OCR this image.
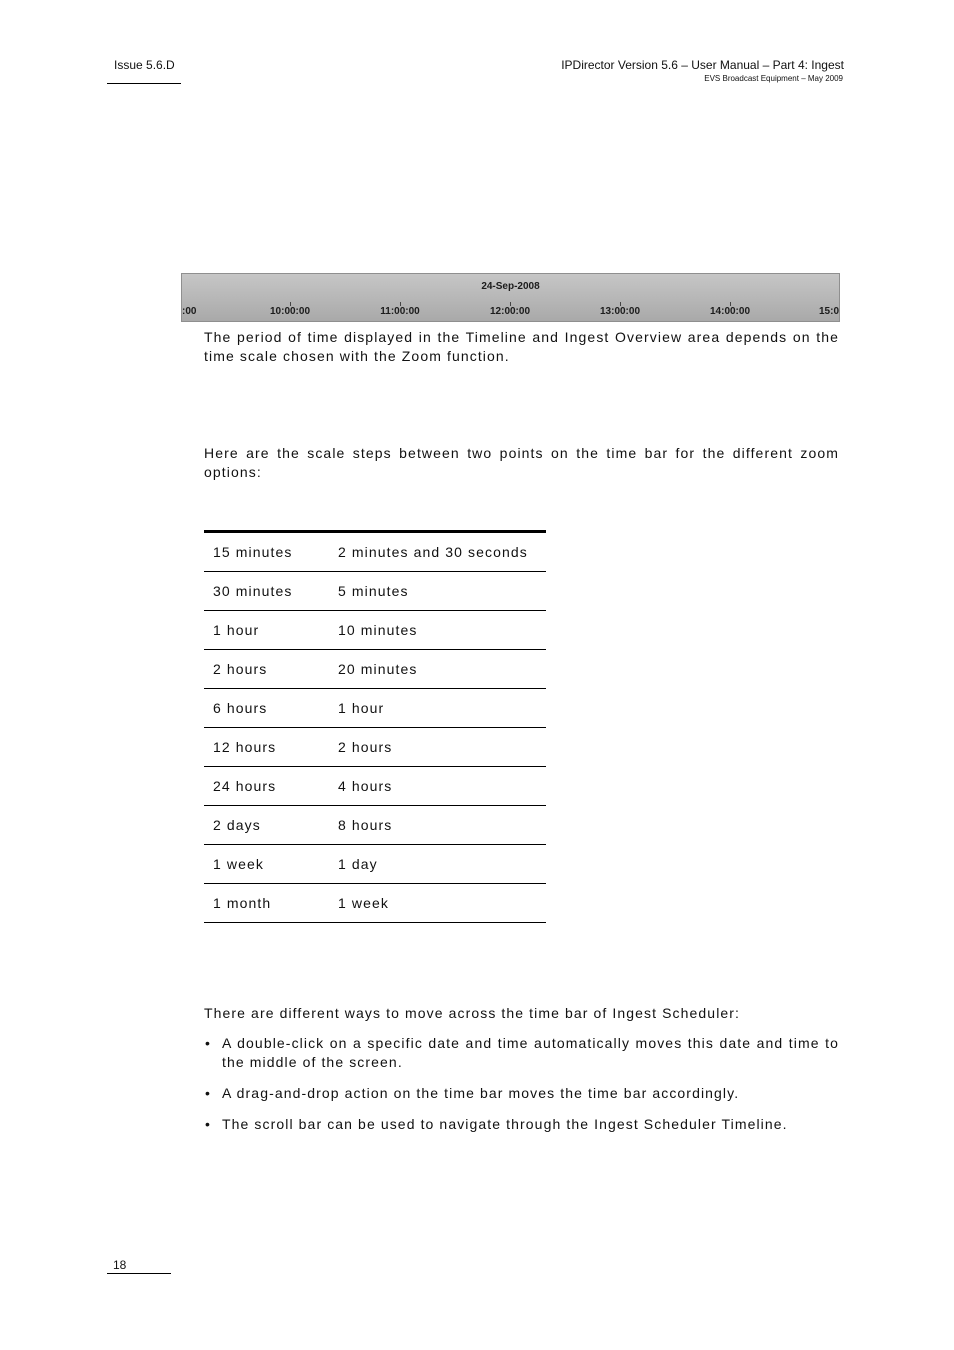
Issue 5.6.D	IPDirector Version 5.6 – User Manual – Part 4: Ingest
EVS Broadcast Equipment – May 2009
24-Sep-2008
:00	10:00:00	11:00:00	12:00:00	13:00:00	14:00:00	15:0

The period of time displayed in the Timeline and Ingest Overview area depends on the time scale chosen with the Zoom function.

Here are the scale steps between two points on the time bar for the different zoom options:

15 minutes	2 minutes and 30 seconds
30 minutes	5 minutes
1 hour	10 minutes
2 hours	20 minutes
6 hours	1 hour
12 hours	2 hours
24 hours	4 hours
2 days	8 hours
1 week	1 day
1 month	1 week

There are different ways to move across the time bar of Ingest Scheduler:

• A double-click on a specific date and time automatically moves this date and time to the middle of the screen.
• A drag-and-drop action on the time bar moves the time bar accordingly.
• The scroll bar can be used to navigate through the Ingest Scheduler Timeline.
18
